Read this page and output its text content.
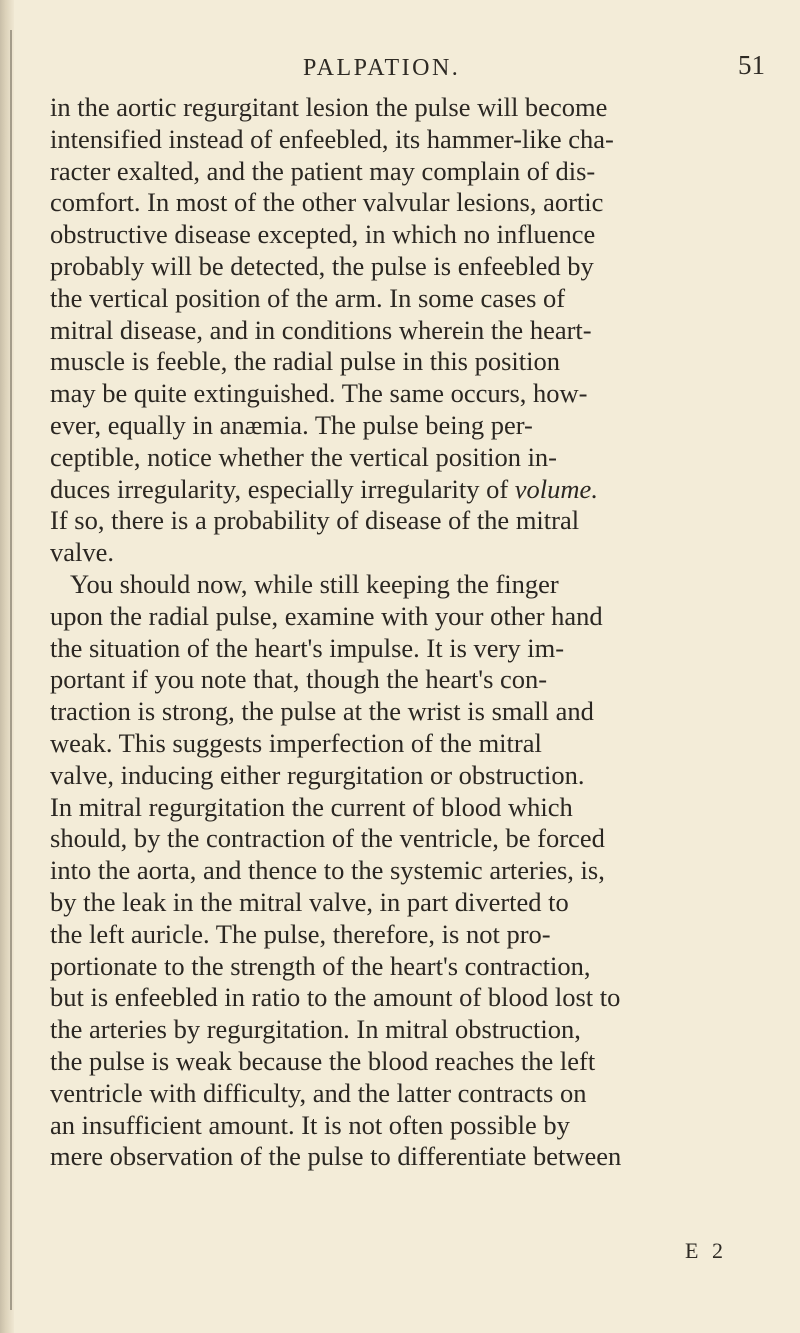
PALPATION.	51
in the aortic regurgitant lesion the pulse will become
intensified instead of enfeebled, its hammer-like cha-
racter exalted, and the patient may complain of dis-
comfort. In most of the other valvular lesions, aortic
obstructive disease excepted, in which no influence
probably will be detected, the pulse is enfeebled by
the vertical position of the arm. In some cases of
mitral disease, and in conditions wherein the heart-
muscle is feeble, the radial pulse in this position
may be quite extinguished. The same occurs, how-
ever, equally in anæmia. The pulse being per-
ceptible, notice whether the vertical position in-
duces irregularity, especially irregularity of volume.
If so, there is a probability of disease of the mitral
valve.
You should now, while still keeping the finger
upon the radial pulse, examine with your other hand
the situation of the heart's impulse. It is very im-
portant if you note that, though the heart's con-
traction is strong, the pulse at the wrist is small and
weak. This suggests imperfection of the mitral
valve, inducing either regurgitation or obstruction.
In mitral regurgitation the current of blood which
should, by the contraction of the ventricle, be forced
into the aorta, and thence to the systemic arteries, is,
by the leak in the mitral valve, in part diverted to
the left auricle. The pulse, therefore, is not pro-
portionate to the strength of the heart's contraction,
but is enfeebled in ratio to the amount of blood lost to
the arteries by regurgitation. In mitral obstruction,
the pulse is weak because the blood reaches the left
ventricle with difficulty, and the latter contracts on
an insufficient amount. It is not often possible by
mere observation of the pulse to differentiate between
E 2
